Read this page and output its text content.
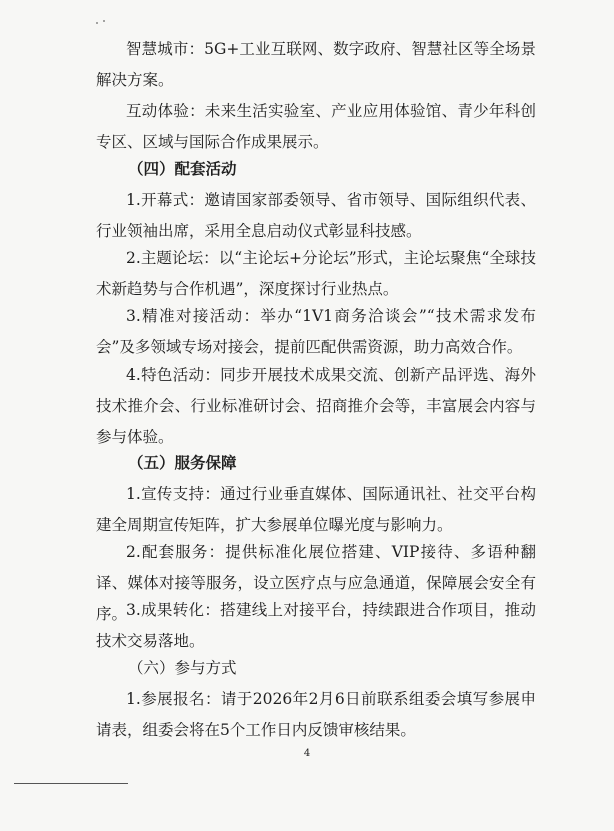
智慧城市：5G+工业互联网、数字政府、智慧社区等全场景解决方案。

互动体验：未来生活实验室、产业应用体验馆、青少年科创专区、区域与国际合作成果展示。

（四）配套活动

1.开幕式：邀请国家部委领导、省市领导、国际组织代表、行业领袖出席，采用全息启动仪式彰显科技感。

2.主题论坛：以“主论坛+分论坛”形式，主论坛聚焦“全球技术新趋势与合作机遇”，深度探讨行业热点。

3.精准对接活动：举办“1V1商务洽谈会”“技术需求发布会”及多领域专场对接会，提前匹配供需资源，助力高效合作。

4.特色活动：同步开展技术成果交流、创新产品评选、海外技术推介会、行业标准研讨会、招商推介会等，丰富展会内容与参与体验。

（五）服务保障

1.宣传支持：通过行业垂直媒体、国际通讯社、社交平台构建全周期宣传矩阵，扩大参展单位曝光度与影响力。

2.配套服务：提供标准化展位搭建、VIP接待、多语种翻译、媒体对接等服务，设立医疗点与应急通道，保障展会安全有序。

3.成果转化：搭建线上对接平台，持续跟进合作项目，推动技术交易落地。

（六）参与方式

1.参展报名：请于2026年2月6日前联系组委会填写参展申请表，组委会将在5个工作日内反馈审核结果。

4
